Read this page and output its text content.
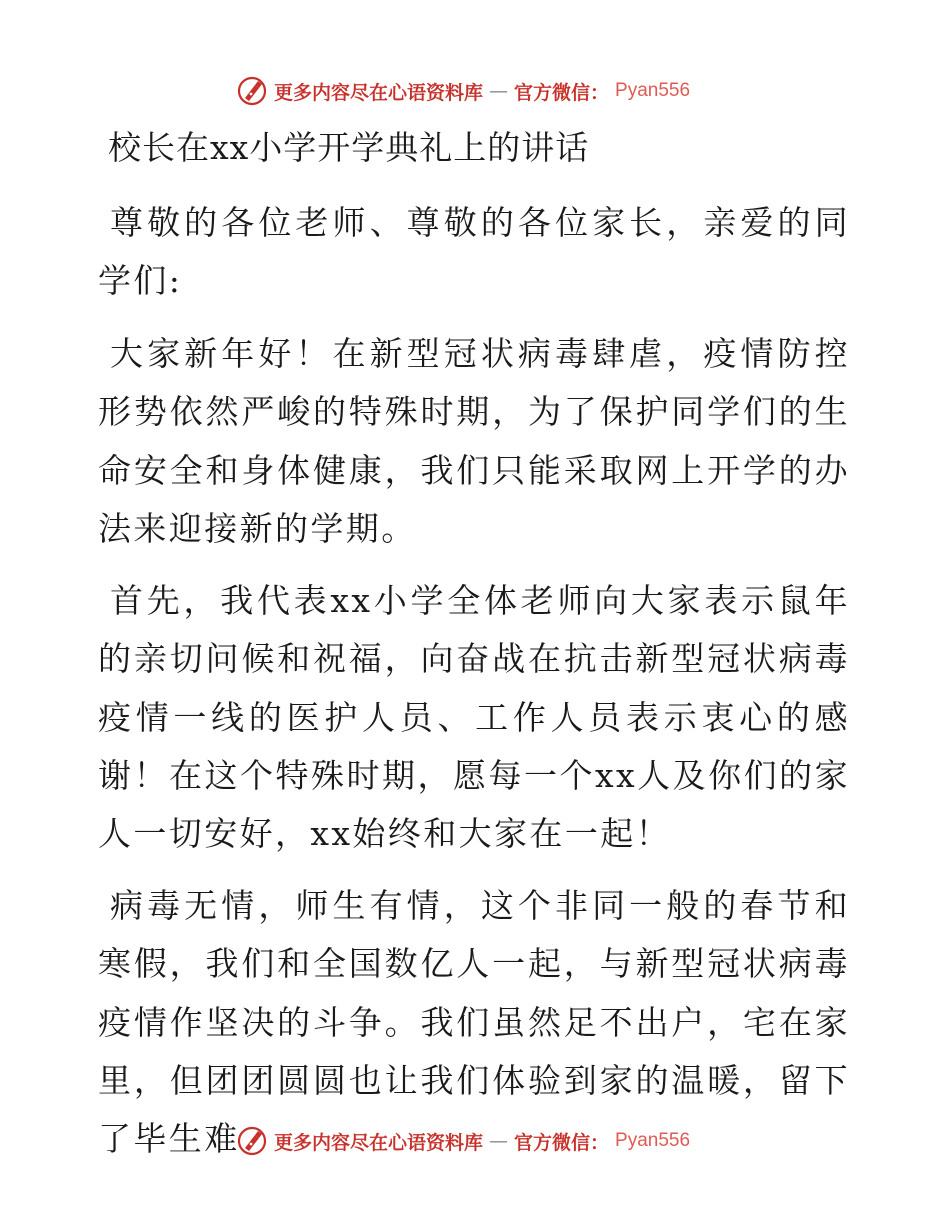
更多内容尽在心语资料库 — 官方微信： Pyan556
校长在xx小学开学典礼上的讲话

尊敬的各位老师、尊敬的各位家长，亲爱的同学们:

大家新年好！在新型冠状病毒肆虐，疫情防控形势依然严峻的特殊时期，为了保护同学们的生命安全和身体健康，我们只能采取网上开学的办法来迎接新的学期。

首先，我代表xx小学全体老师向大家表示鼠年的亲切问候和祝福，向奋战在抗击新型冠状病毒疫情一线的医护人员、工作人员表示衷心的感谢！在这个特殊时期，愿每一个xx人及你们的家人一切安好，xx始终和大家在一起！

病毒无情，师生有情，这个非同一般的春节和寒假，我们和全国数亿人一起，与新型冠状病毒疫情作坚决的斗争。我们虽然足不出户，宅在家里，但团团圆圆也让我们体验到家的温暖，留下了毕生难	更多内容尽在心语资料库 — 官方微信： Pyan556
